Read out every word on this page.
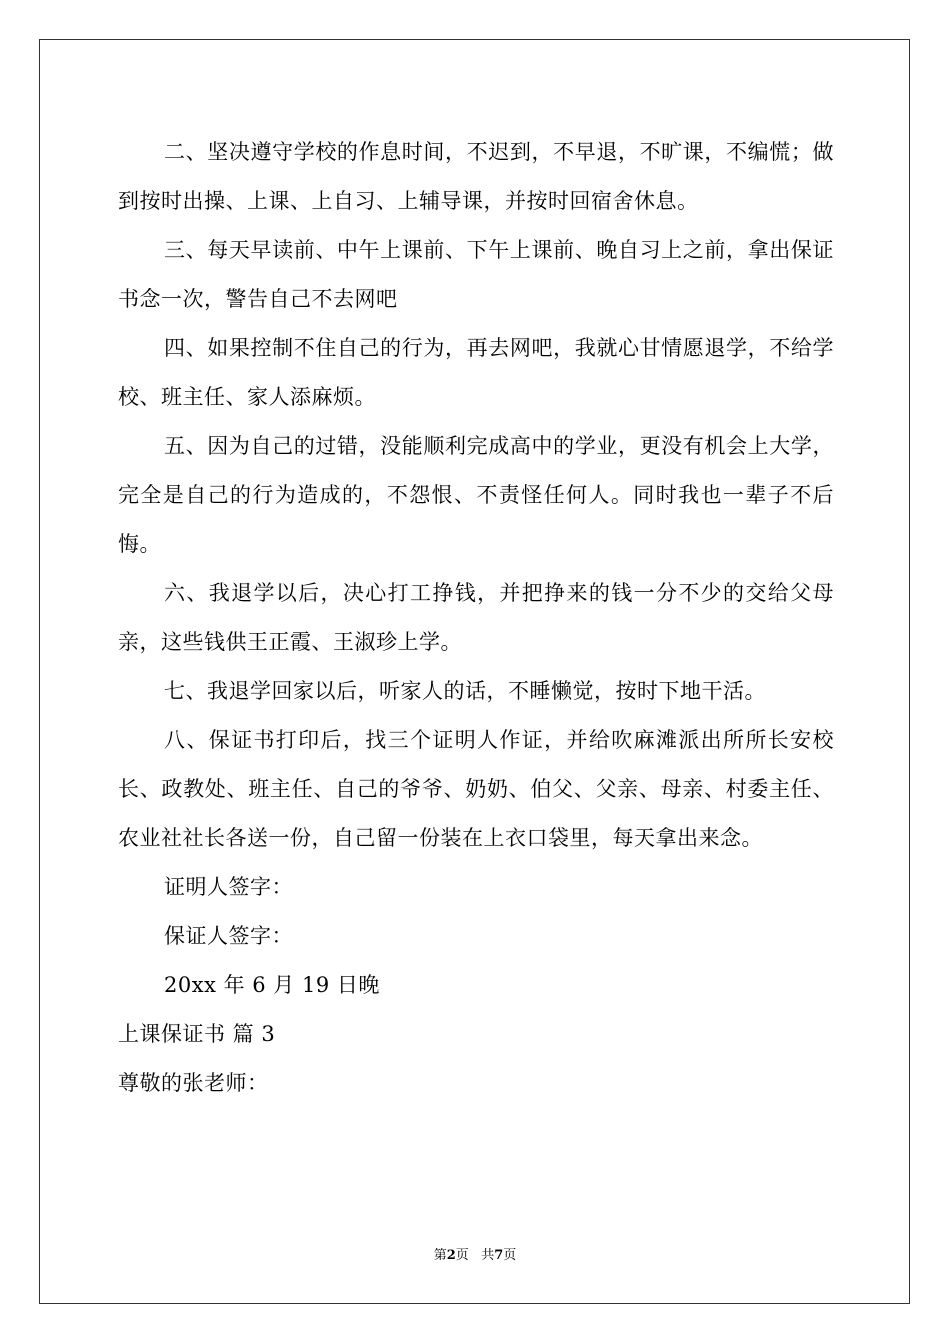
二、坚决遵守学校的作息时间，不迟到，不早退，不旷课，不编慌；做到按时出操、上课、上自习、上辅导课，并按时回宿舍休息。

三、每天早读前、中午上课前、下午上课前、晚自习上之前，拿出保证书念一次，警告自己不去网吧

四、如果控制不住自己的行为，再去网吧，我就心甘情愿退学，不给学校、班主任、家人添麻烦。

五、因为自己的过错，没能顺利完成高中的学业，更没有机会上大学，完全是自己的行为造成的，不怨恨、不责怪任何人。同时我也一辈子不后悔。

六、我退学以后，决心打工挣钱，并把挣来的钱一分不少的交给父母亲，这些钱供王正霞、王淑珍上学。

七、我退学回家以后，听家人的话，不睡懒觉，按时下地干活。

八、保证书打印后，找三个证明人作证，并给吹麻滩派出所所长安校长、政教处、班主任、自己的爷爷、奶奶、伯父、父亲、母亲、村委主任、农业社社长各送一份，自己留一份装在上衣口袋里，每天拿出来念。

证明人签字：

保证人签字：

20xx 年 6 月 19 日晚

上课保证书 篇 3

尊敬的张老师：

第2页 共7页
